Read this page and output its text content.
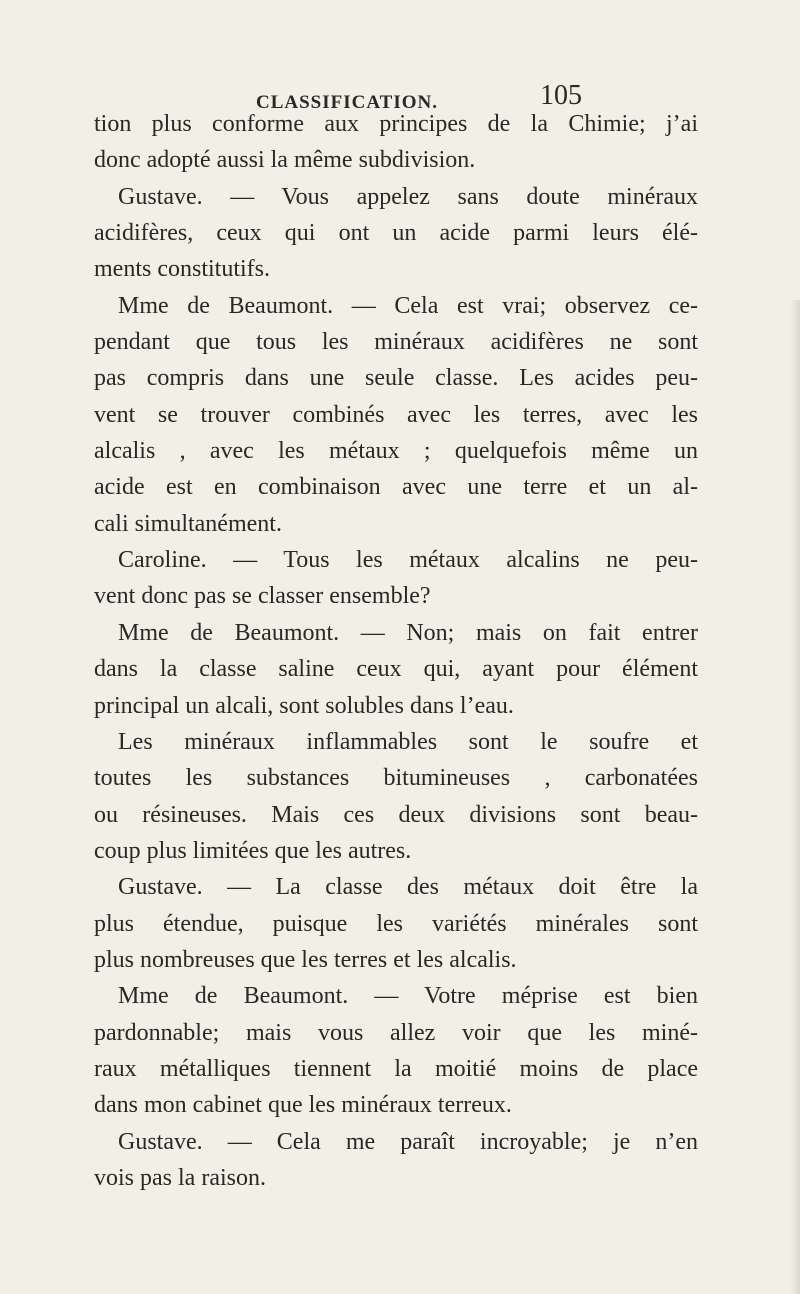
CLASSIFICATION.	105
tion plus conforme aux principes de la Chimie; j’ai
donc adopté aussi la même subdivision.
Gustave. — Vous appelez sans doute minéraux
acidifères, ceux qui ont un acide parmi leurs élé-
ments constitutifs.
Mme de Beaumont. — Cela est vrai; observez ce-
pendant que tous les minéraux acidifères ne sont
pas compris dans une seule classe. Les acides peu-
vent se trouver combinés avec les terres, avec les
alcalis , avec les métaux ; quelquefois même un
acide est en combinaison avec une terre et un al-
cali simultanément.
Caroline. — Tous les métaux alcalins ne peu-
vent donc pas se classer ensemble?
Mme de Beaumont. — Non; mais on fait entrer
dans la classe saline ceux qui, ayant pour élément
principal un alcali, sont solubles dans l’eau.
Les minéraux inflammables sont le soufre et
toutes les substances bitumineuses , carbonatées
ou résineuses. Mais ces deux divisions sont beau-
coup plus limitées que les autres.
Gustave. — La classe des métaux doit être la
plus étendue, puisque les variétés minérales sont
plus nombreuses que les terres et les alcalis.
Mme de Beaumont. — Votre méprise est bien
pardonnable; mais vous allez voir que les miné-
raux métalliques tiennent la moitié moins de place
dans mon cabinet que les minéraux terreux.
Gustave. — Cela me paraît incroyable; je n’en
vois pas la raison.
